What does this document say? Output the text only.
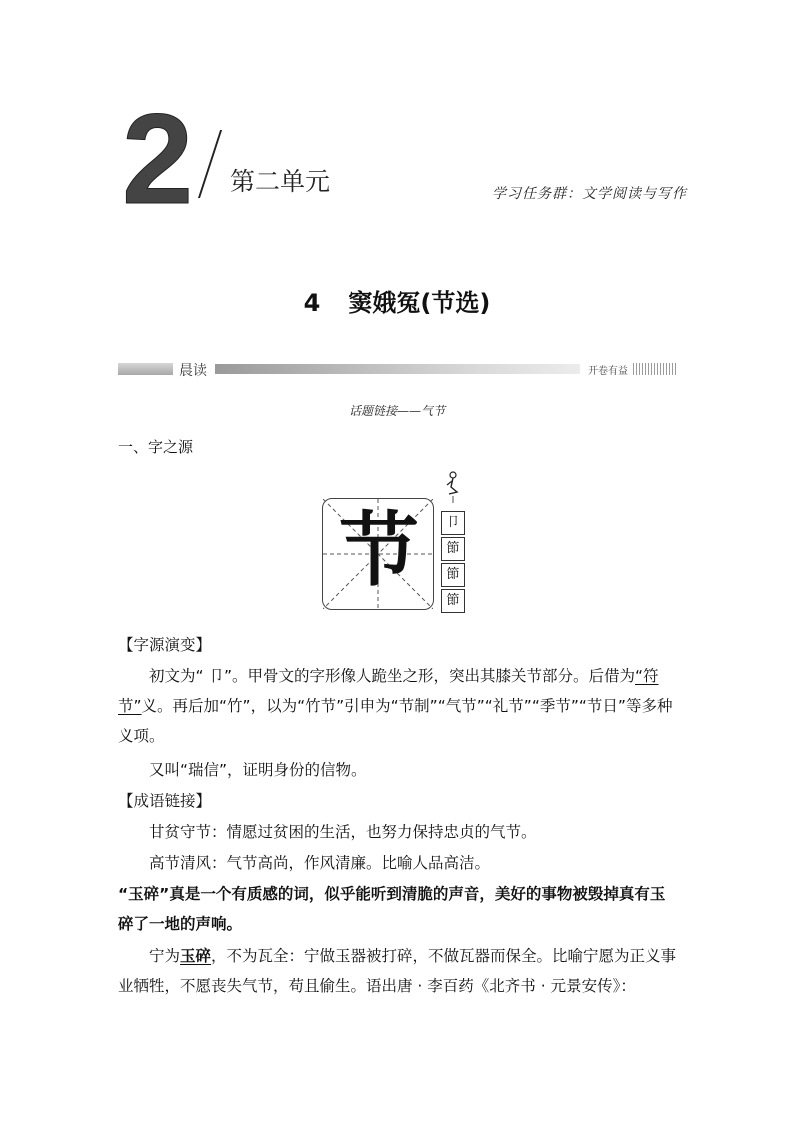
2 第二单元	学习任务群：文学阅读与写作
4 窦娥冤(节选)
晨读	开卷有益
话题链接——气节
一、字之源
节	卩
節
節
節
【字源演变】
初文为“ 卩”。甲骨文的字形像人跪坐之形，突出其膝关节部分。后借为“符节”义。再后加“竹”，以为“竹节”引申为“节制”“气节”“礼节”“季节”“节日”等多种义项。
又叫“瑞信”，证明身份的信物。
【成语链接】
甘贫守节：情愿过贫困的生活，也努力保持忠贞的气节。
高节清风：气节高尚，作风清廉。比喻人品高洁。
“玉碎”真是一个有质感的词，似乎能听到清脆的声音，美好的事物被毁掉真有玉碎了一地的声响。
宁为玉碎，不为瓦全：宁做玉器被打碎，不做瓦器而保全。比喻宁愿为正义事业牺牲，不愿丧失气节，苟且偷生。语出唐 · 李百药《北齐书 · 元景安传》：
